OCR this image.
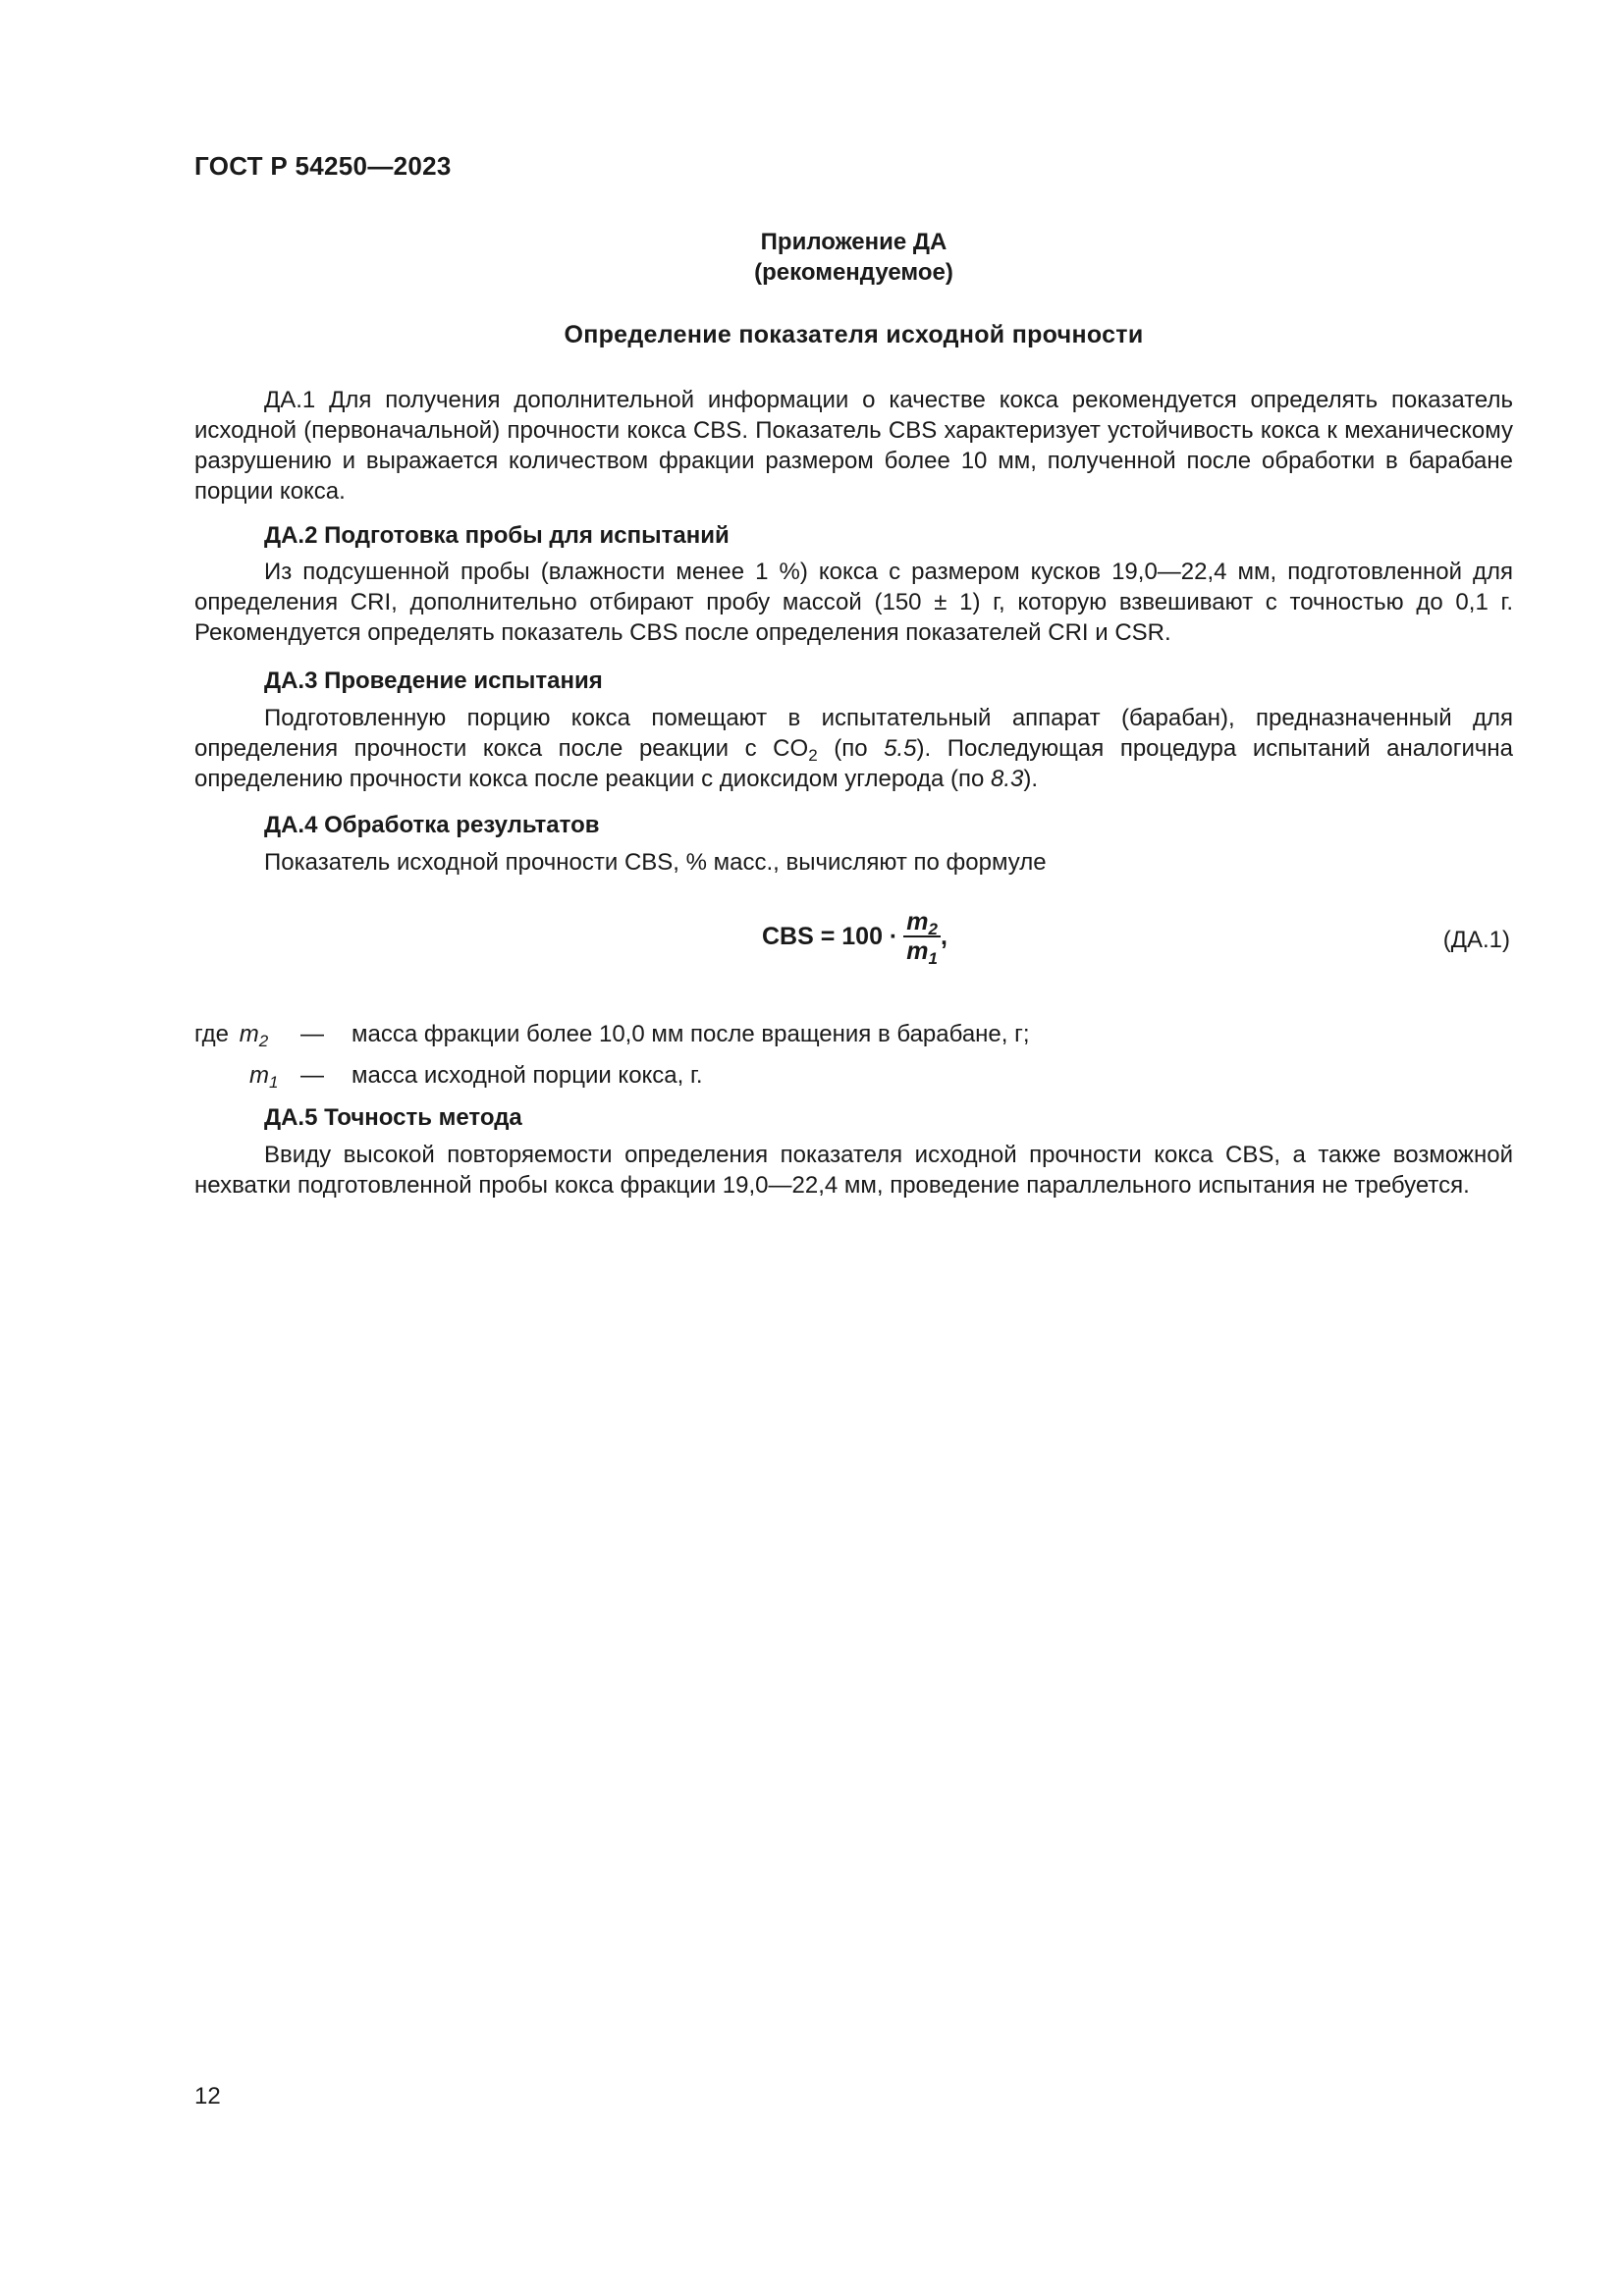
ГОСТ Р 54250—2023
Приложение ДА
(рекомендуемое)
Определение показателя исходной прочности
ДА.1 Для получения дополнительной информации о качестве кокса рекомендуется определять показатель исходной (первоначальной) прочности кокса CBS. Показатель CBS характеризует устойчивость кокса к механическому разрушению и выражается количеством фракции размером более 10 мм, полученной после обработки в барабане порции кокса.
ДА.2 Подготовка пробы для испытаний
Из подсушенной пробы (влажности менее 1 %) кокса с размером кусков 19,0—22,4 мм, подготовленной для определения CRI, дополнительно отбирают пробу массой (150 ± 1) г, которую взвешивают с точностью до 0,1 г. Рекомендуется определять показатель CBS после определения показателей CRI и CSR.
ДА.3 Проведение испытания
Подготовленную порцию кокса помещают в испытательный аппарат (барабан), предназначенный для определения прочности кокса после реакции с $CO_2$ (по 5.5). Последующая процедура испытаний аналогична определению прочности кокса после реакции с диоксидом углерода (по 8.3).
ДА.4 Обработка результатов
Показатель исходной прочности CBS, % масс., вычисляют по формуле
CBS = $100 \cdot \frac{m_2}{m_1}$ ,	(ДА.1)
где $m_2$ — масса фракции более 10,0 мм после вращения в барабане, г;
$m_1$ — масса исходной порции кокса, г.
ДА.5 Точность метода
Ввиду высокой повторяемости определения показателя исходной прочности кокса CBS, а также возможной нехватки подготовленной пробы кокса фракции 19,0—22,4 мм, проведение параллельного испытания не требуется.
12
